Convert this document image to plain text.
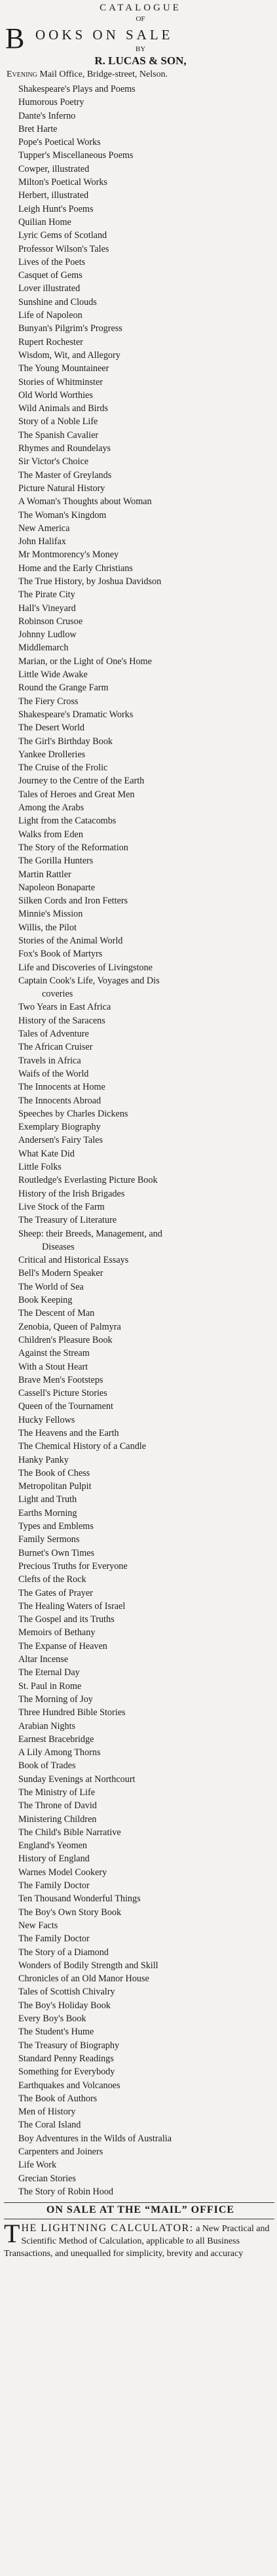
CATALOGUE
OF
B OOKS ON SALE
BY
R. LUCAS & SON,
Evening Mail Office, Bridge-street, Nelson.
Shakespeare's Plays and Poems
Humorous Poetry
Dante's Inferno
Bret Harte
Pope's Poetical Works
Tupper's Miscellaneous Poems
Cowper, illustrated
Milton's Poetical Works
Herbert, illustrated
Leigh Hunt's Poems
Quilian Home
Lyric Gems of Scotland
Professor Wilson's Tales
Lives of the Poets
Casquet of Gems
Lover illustrated
Sunshine and Clouds
Life of Napoleon
Bunyan's Pilgrim's Progress
Rupert Rochester
Wisdom, Wit, and Allegory
The Young Mountaineer
Stories of Whitminster
Old World Worthies
Wild Animals and Birds
Story of a Noble Life
The Spanish Cavalier
Rhymes and Roundelays
Sir Victor's Choice
The Master of Greylands
Picture Natural History
A Woman's Thoughts about Woman
The Woman's Kingdom
New America
John Halifax
Mr Montmorency's Money
Home and the Early Christians
The True History, by Joshua Davidson
The Pirate City
Hall's Vineyard
Robinson Crusoe
Johnny Ludlow
Middlemarch
Marian, or the Light of One's Home
Little Wide Awake
Round the Grange Farm
The Fiery Cross
Shakespeare's Dramatic Works
The Desert World
The Girl's Birthday Book
Yankee Drolleries
The Cruise of the Frolic
Journey to the Centre of the Earth
Tales of Heroes and Great Men
Among the Arabs
Light from the Catacombs
Walks from Eden
The Story of the Reformation
The Gorilla Hunters
Martin Rattler
Napoleon Bonaparte
Silken Cords and Iron Fetters
Minnie's Mission
Willis, the Pilot
Stories of the Animal World
Fox's Book of Martyrs
Life and Discoveries of Livingstone
Captain Cook's Life, Voyages and Dis
coveries
Two Years in East Africa
History of the Saracens
Tales of Adventure
The African Cruiser
Travels in Africa
Waifs of the World
The Innocents at Home
The Innocents Abroad
Speeches by Charles Dickens
Exemplary Biography
Andersen's Fairy Tales
What Kate Did
Little Folks
Routledge's Everlasting Picture Book
History of the Irish Brigades
Live Stock of the Farm
The Treasury of Literature
Sheep: their Breeds, Management, and
Diseases
Critical and Historical Essays
Bell's Modern Speaker
The World of Sea
Book Keeping
The Descent of Man
Zenobia, Queen of Palmyra
Children's Pleasure Book
Against the Stream
With a Stout Heart
Brave Men's Footsteps
Cassell's Picture Stories
Queen of the Tournament
Hucky Fellows
The Heavens and the Earth
The Chemical History of a Candle
Hanky Panky
The Book of Chess
Metropolitan Pulpit
Light and Truth
Earths Morning
Types and Emblems
Family Sermons
Burnet's Own Times
Precious Truths for Everyone
Clefts of the Rock
The Gates of Prayer
The Healing Waters of Israel
The Gospel and its Truths
Memoirs of Bethany
The Expanse of Heaven
Altar Incense
The Eternal Day
St. Paul in Rome
The Morning of Joy
Three Hundred Bible Stories
Arabian Nights
Earnest Bracebridge
A Lily Among Thorns
Book of Trades
Sunday Evenings at Northcourt
The Ministry of Life
The Throne of David
Ministering Children
The Child's Bible Narrative
England's Yeomen
History of England
Warnes Model Cookery
The Family Doctor
Ten Thousand Wonderful Things
The Boy's Own Story Book
New Facts
The Family Doctor
The Story of a Diamond
Wonders of Bodily Strength and Skill
Chronicles of an Old Manor House
Tales of Scottish Chivalry
The Boy's Holiday Book
Every Boy's Book
The Student's Hume
The Treasury of Biography
Standard Penny Readings
Something for Everybody
Earthquakes and Volcanoes
The Book of Authors
Men of History
The Coral Island
Boy Adventures in the Wilds of Australia
Carpenters and Joiners
Life Work
Grecian Stories
The Story of Robin Hood
ON SALE AT THE “MAIL” OFFICE
THE LIGHTNING CALCULATOR: a New Practical and Scientific Method of Calculation, applicable to all Business Transactions, and unequalled for simplicity, brevity and accuracy
